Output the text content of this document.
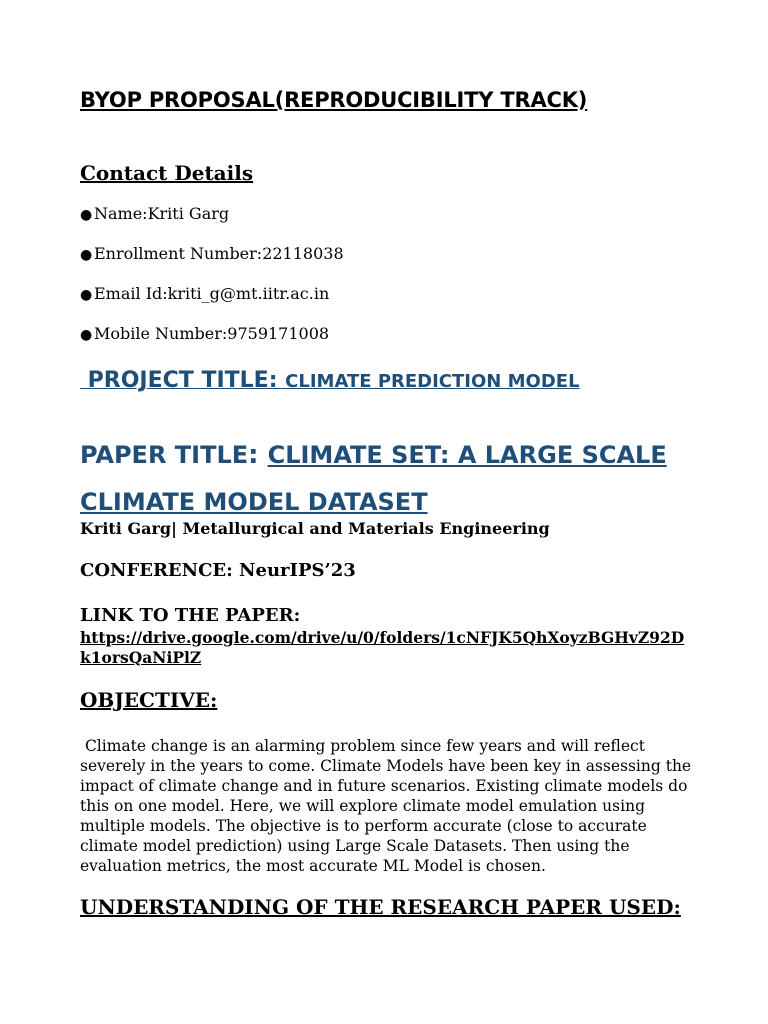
BYOP PROPOSAL(REPRODUCIBILITY TRACK)
Contact Details
● Name:Kriti Garg
● Enrollment Number:22118038
● Email Id:kriti_g@mt.iitr.ac.in
● Mobile Number:9759171008
PROJECT TITLE: CLIMATE PREDICTION MODEL
PAPER TITLE: CLIMATE SET: A LARGE SCALE CLIMATE MODEL DATASET
Kriti Garg| Metallurgical and Materials Engineering
CONFERENCE: NeurIPS’23
LINK TO THE PAPER:
https://drive.google.com/drive/u/0/folders/1cNFJK5QhXoyzBGHvZ92Dk1orsQaNiPlZ
OBJECTIVE:
Climate change is an alarming problem since few years and will reflect severely in the years to come. Climate Models have been key in assessing the impact of climate change and in future scenarios. Existing climate models do this on one model. Here, we will explore climate model emulation using multiple models. The objective is to perform accurate (close to accurate climate model prediction) using Large Scale Datasets. Then using the evaluation metrics, the most accurate ML Model is chosen.
UNDERSTANDING OF THE RESEARCH PAPER USED:
